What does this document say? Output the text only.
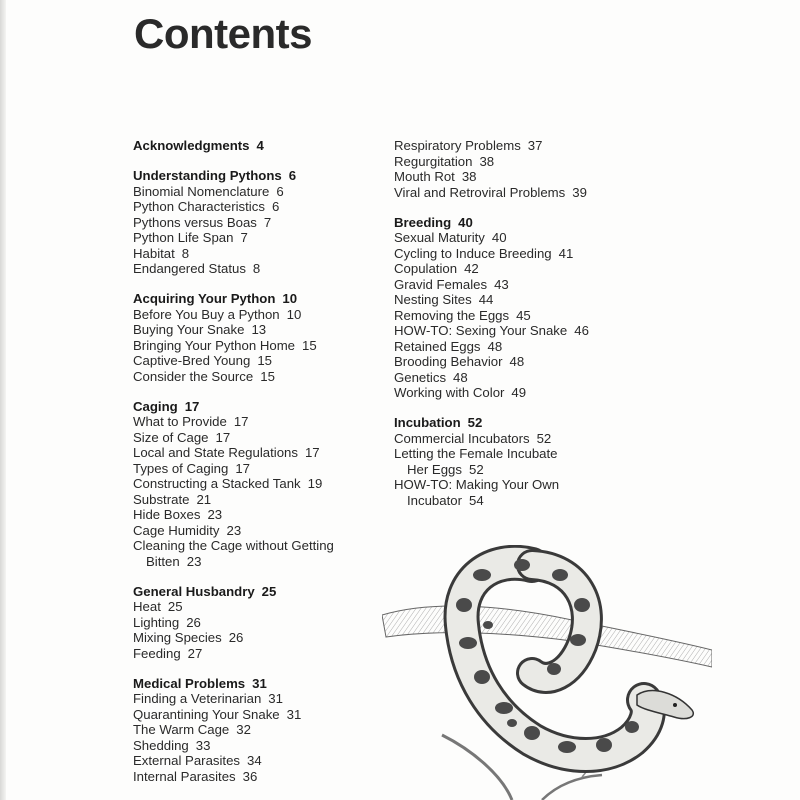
Contents
Acknowledgments 4
Understanding Pythons 6
Binomial Nomenclature 6
Python Characteristics 6
Pythons versus Boas 7
Python Life Span 7
Habitat 8
Endangered Status 8
Acquiring Your Python 10
Before You Buy a Python 10
Buying Your Snake 13
Bringing Your Python Home 15
Captive-Bred Young 15
Consider the Source 15
Caging 17
What to Provide 17
Size of Cage 17
Local and State Regulations 17
Types of Caging 17
Constructing a Stacked Tank 19
Substrate 21
Hide Boxes 23
Cage Humidity 23
Cleaning the Cage without Getting
Bitten 23
General Husbandry 25
Heat 25
Lighting 26
Mixing Species 26
Feeding 27
Medical Problems 31
Finding a Veterinarian 31
Quarantining Your Snake 31
The Warm Cage 32
Shedding 33
External Parasites 34
Internal Parasites 36
Respiratory Problems 37
Regurgitation 38
Mouth Rot 38
Viral and Retroviral Problems 39
Breeding 40
Sexual Maturity 40
Cycling to Induce Breeding 41
Copulation 42
Gravid Females 43
Nesting Sites 44
Removing the Eggs 45
HOW-TO: Sexing Your Snake 46
Retained Eggs 48
Brooding Behavior 48
Genetics 48
Working with Color 49
Incubation 52
Commercial Incubators 52
Letting the Female Incubate
Her Eggs 52
HOW-TO: Making Your Own
Incubator 54
